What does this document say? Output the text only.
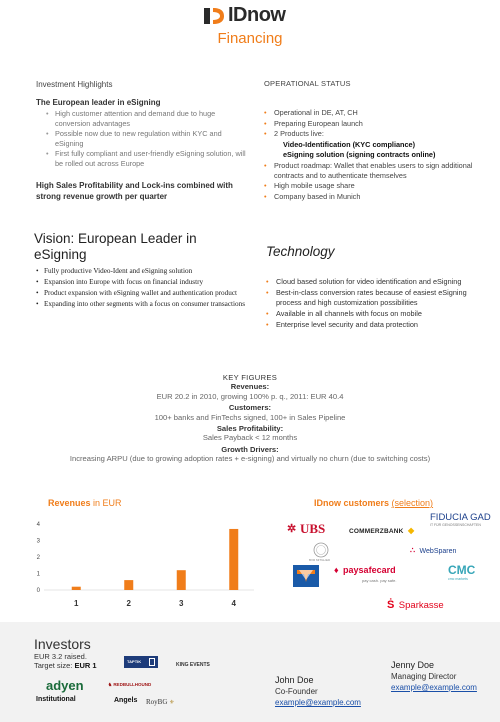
IDnow
Financing
Investment Highlights
The European leader in eSigning
• High customer attention and demand due to huge conversion advantages
• Possible now due to new regulation within KYC and eSigning
• First fully compliant and user-friendly eSigning solution, will be rolled out across Europe
High Sales Profitability and Lock-ins combined with strong revenue growth per quarter
OPERATIONAL STATUS
• Operational in DE, AT, CH
• Preparing European launch
• 2 Products live:
Video-Identification (KYC compliance)
eSigning solution (signing contracts online)
• Product roadmap: Wallet that enables users to sign additional contracts and to authenticate themselves
• High mobile usage share
• Company based in Munich
Vision: European Leader in eSigning
• Fully productive Video-Ident and eSigning solution
• Expansion into Europe with focus on financial industry
• Product expansion with eSigning wallet and authentication product
• Expanding into other segments with a focus on consumer transactions
Technology
• Cloud based solution for video identification and eSigning
• Best-in-class conversion rates because of easiest eSigning process and high customization possibilities
• Available in all channels with focus on mobile
• Enterprise level security and data protection
KEY FIGURES
Revenues:
EUR 20.2 in 2010, growing 100% p. q., 2011: EUR 40.4
Customers:
100+ banks and FinTechs signed, 100+ in Sales Pipeline
Sales Profitability:
Sales Payback < 12 months
Growth Drivers:
Increasing ARPU (due to growing adoption rates + e-signing) and virtually no churn (due to switching costs)
Revenues in EUR
0
1
2
3
4
1	2	3	4
IDnow customers (selection)
✲ UBS	COMMERZBANK ◆
FIDUCIA GAD
IT FÜR GENOSSENSCHAFTEN
BVR MITGLIED
∴ WebSparen
♦ paysafecard
pay cash. pay safe.
CMC
cmc markets
Ṡ Sparkasse
Investors
EUR 3.2 raised.
Target size: EUR 1	TAPTIK
KING EVENTS
adyen
Institutional
♞ REDBULLHOUND
Angels RoyBG ⚜
John Doe
Co-Founder
example@example.com
Jenny Doe
Managing Director
example@example.com
